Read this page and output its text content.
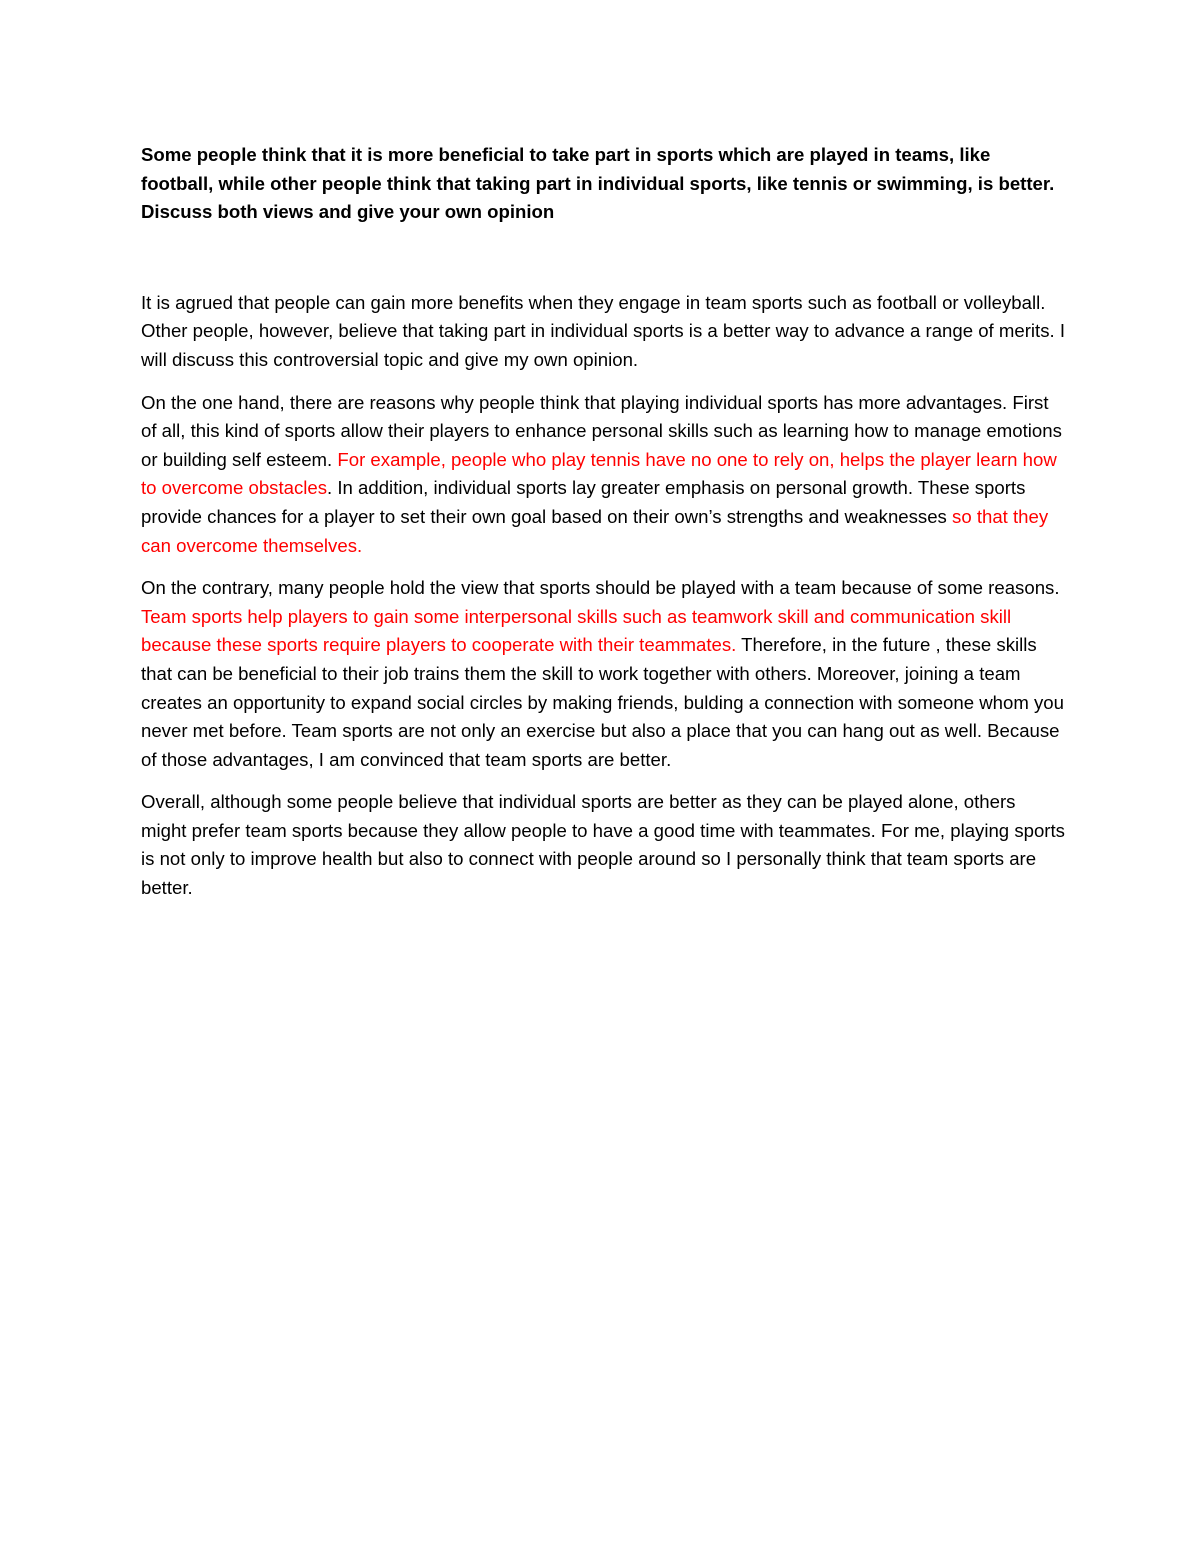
Some people think that it is more beneficial to take part in sports which are played in teams, like football, while other people think that taking part in individual sports, like tennis or swimming, is better. Discuss both views and give your own opinion

It is agrued that people can gain more benefits when they engage in team sports such as football or volleyball. Other people, however, believe that taking part in individual sports is a better way to advance a range of merits. I will discuss this controversial topic and give my own opinion.

On the one hand, there are reasons why people think that playing individual sports has more advantages. First of all, this kind of sports allow their players to enhance personal skills such as learning how to manage emotions or building self esteem. For example, people who play tennis have no one to rely on, helps the player learn how to overcome obstacles. In addition, individual sports lay greater emphasis on personal growth. These sports provide chances for a player to set their own goal based on their own’s strengths and weaknesses so that they can overcome themselves.

On the contrary, many people hold the view that sports should be played with a team because of some reasons. Team sports help players to gain some interpersonal skills such as teamwork skill and communication skill because these sports require players to cooperate with their teammates. Therefore, in the future , these skills that can be beneficial to their job trains them the skill to work together with others. Moreover, joining a team creates an opportunity to expand social circles by making friends, bulding a connection with someone whom you never met before. Team sports are not only an exercise but also a place that you can hang out as well. Because of those advantages, I am convinced that team sports are better.

Overall, although some people believe that individual sports are better as they can be played alone, others might prefer team sports because they allow people to have a good time with teammates. For me, playing sports is not only to improve health but also to connect with people around so I personally think that team sports are better.
